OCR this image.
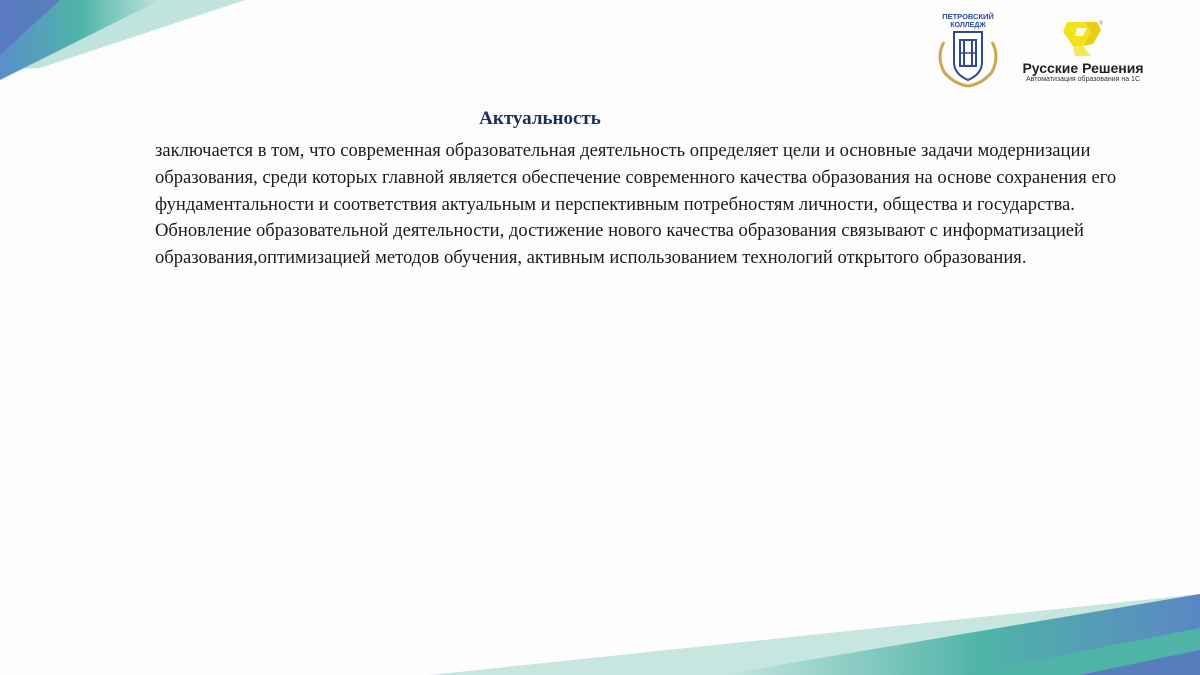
ПЕТРОВСКИЙ
КОЛЛЕДЖ	®
Русские Решения
Автоматизация образования на 1С
Актуальность
заключается в том, что современная образовательная деятельность определяет цели и основные задачи модернизации образования, среди которых главной является обеспечение современного качества образования на основе сохранения его фундаментальности и соответствия актуальным и перспективным потребностям личности, общества и государства. Обновление образовательной деятельности, достижение нового качества образования связывают с информатизацией образования,оптимизацией методов обучения, активным использованием технологий открытого образования.
